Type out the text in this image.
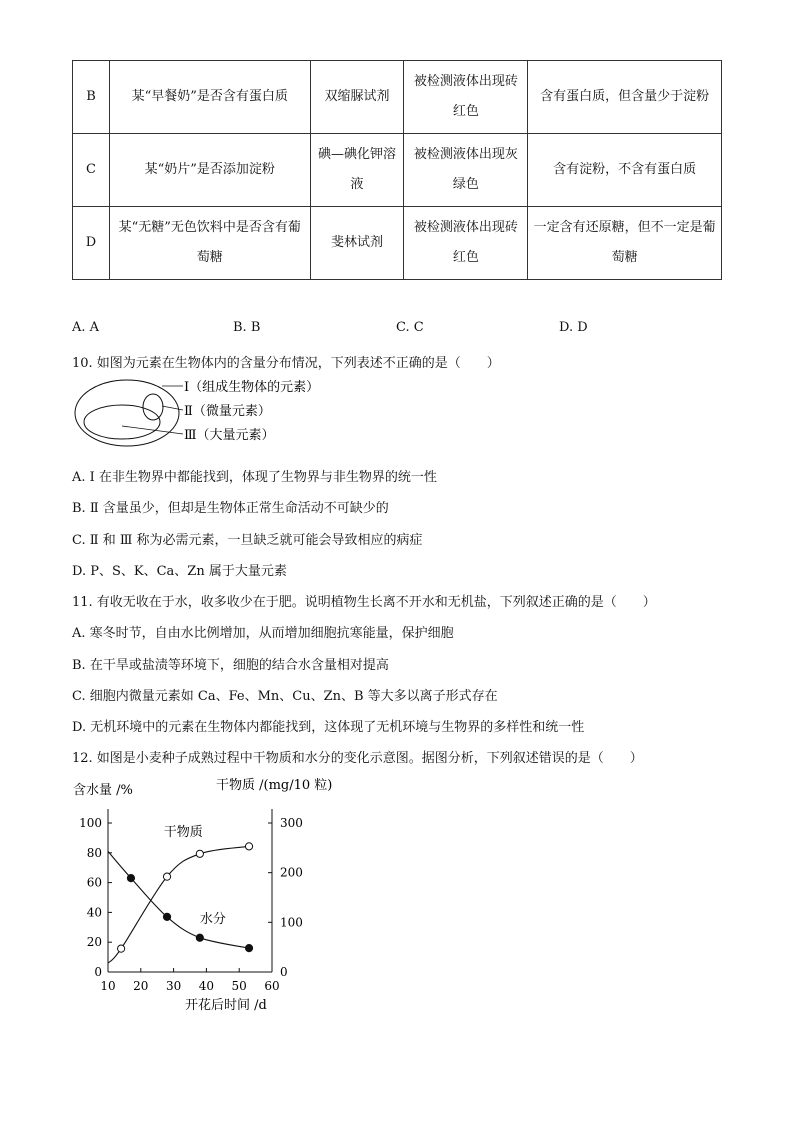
B	某“早餐奶”是否含有蛋白质	双缩脲试剂	被检测液体出现砖红色	含有蛋白质，但含量少于淀粉
C	某“奶片”是否添加淀粉	碘—碘化钾溶液	被检测液体出现灰绿色	含有淀粉，不含有蛋白质
D	某“无糖”无色饮料中是否含有葡萄糖	斐林试剂	被检测液体出现砖红色	一定含有还原糖，但不一定是葡萄糖
A. A	B. B	C. C	D. D
10. 如图为元素在生物体内的含量分布情况，下列表述不正确的是（　　）
Ⅰ（组成生物体的元素）
Ⅱ（微量元素）
Ⅲ（大量元素）
A. Ⅰ 在非生物界中都能找到，体现了生物界与非生物界的统一性
B. Ⅱ 含量虽少，但却是生物体正常生命活动不可缺少的
C. Ⅱ 和 Ⅲ 称为必需元素，一旦缺乏就可能会导致相应的病症
D. P、S、K、Ca、Zn 属于大量元素
11. 有收无收在于水，收多收少在于肥。说明植物生长离不开水和无机盐，下列叙述正确的是（　　）
A. 寒冬时节，自由水比例增加，从而增加细胞抗寒能量，保护细胞
B. 在干旱或盐渍等环境下，细胞的结合水含量相对提高
C. 细胞内微量元素如 Ca、Fe、Mn、Cu、Zn、B 等大多以离子形式存在
D. 无机环境中的元素在生物体内都能找到，这体现了无机环境与生物界的多样性和统一性
12. 如图是小麦种子成熟过程中干物质和水分的变化示意图。据图分析，下列叙述错误的是（　　）
含水量 /%	干物质 /(mg/10 粒)
开花后时间 /d
0
20
40
60
80
100
0
100
200
300
10 20 30 40 50 60
干物质
水分
